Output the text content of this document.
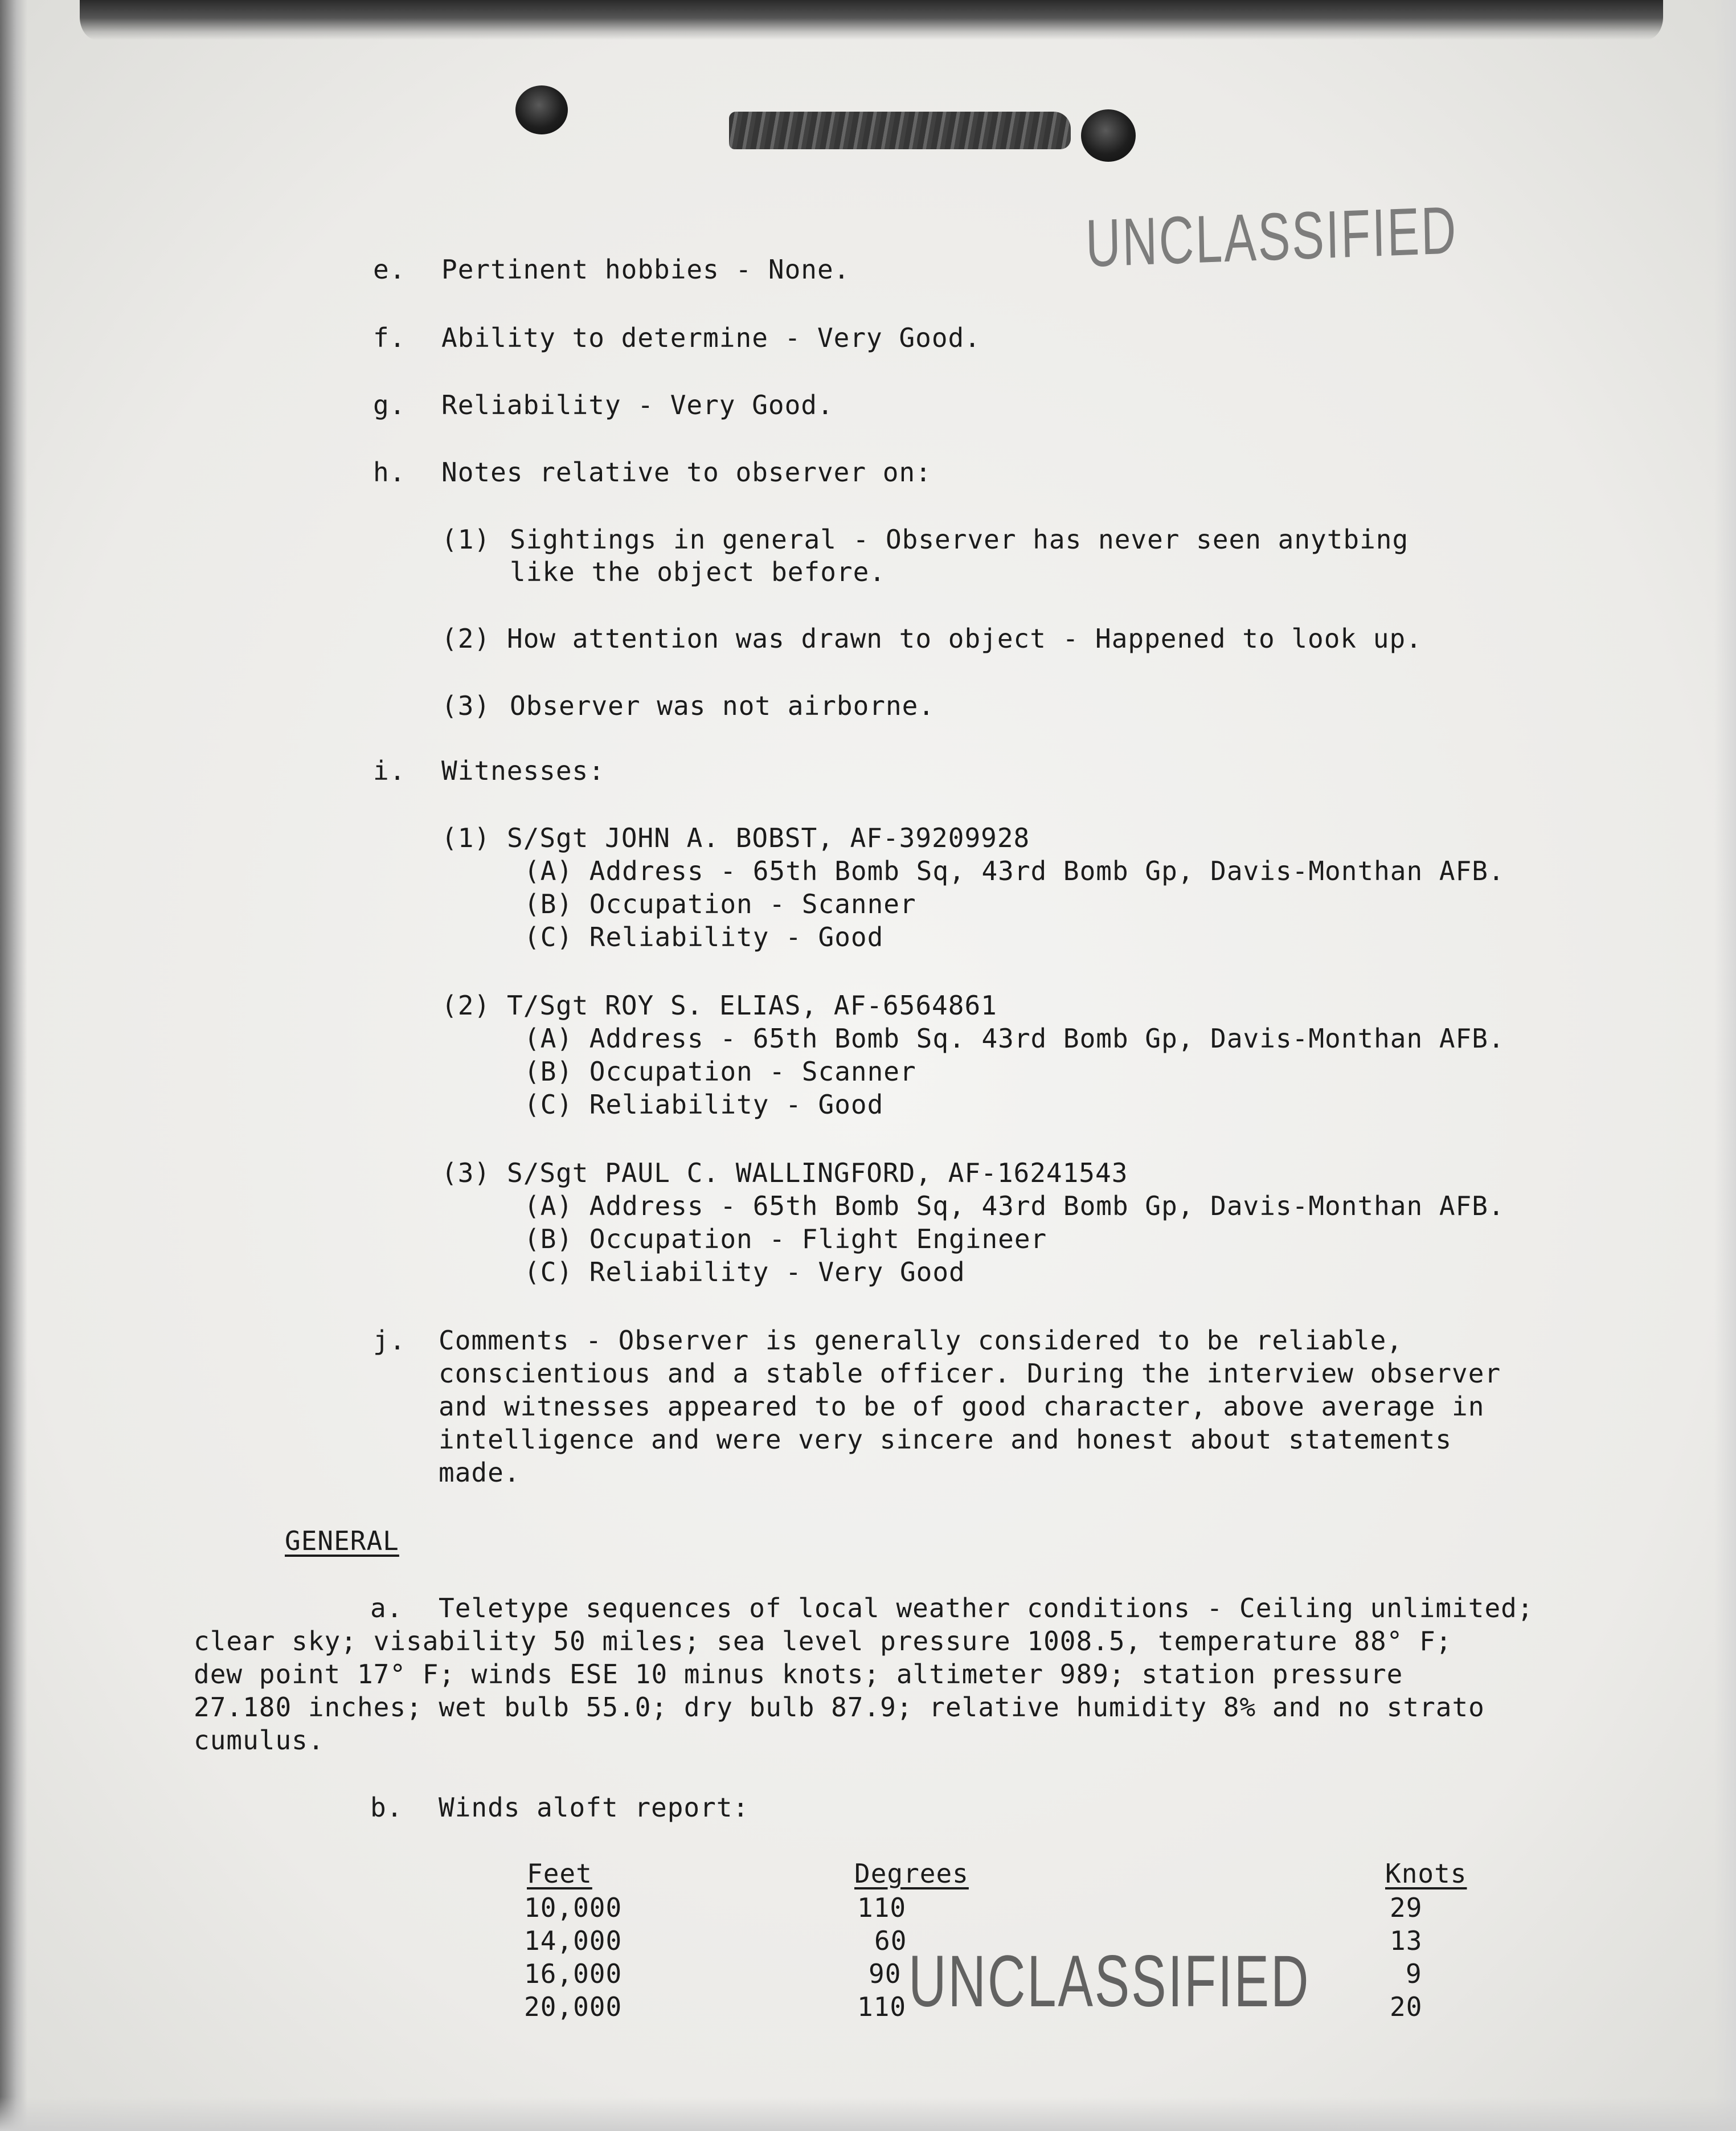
UNCLASSIFIED
e. Pertinent hobbies - None.
f. Ability to determine - Very Good.
g. Reliability - Very Good.
h. Notes relative to observer on:
(1) Sightings in general - Observer has never seen anytbing
like the object before.
(2) How attention was drawn to object - Happened to look up.
(3) Observer was not airborne.
i. Witnesses:
(1) S/Sgt JOHN A. BOBST, AF-39209928
(A) Address - 65th Bomb Sq, 43rd Bomb Gp, Davis-Monthan AFB.
(B) Occupation - Scanner
(C) Reliability - Good
(2) T/Sgt ROY S. ELIAS, AF-6564861
(A) Address - 65th Bomb Sq. 43rd Bomb Gp, Davis-Monthan AFB.
(B) Occupation - Scanner
(C) Reliability - Good
(3) S/Sgt PAUL C. WALLINGFORD, AF-16241543
(A) Address - 65th Bomb Sq, 43rd Bomb Gp, Davis-Monthan AFB.
(B) Occupation - Flight Engineer
(C) Reliability - Very Good
j. Comments - Observer is generally considered to be reliable,
conscientious and a stable officer. During the interview observer
and witnesses appeared to be of good character, above average in
intelligence and were very sincere and honest about statements
made.
GENERAL
a. Teletype sequences of local weather conditions - Ceiling unlimited;
clear sky; visability 50 miles; sea level pressure 1008.5, temperature 88° F;
dew point 17° F; winds ESE 10 minus knots; altimeter 989; station pressure
27.180 inches; wet bulb 55.0; dry bulb 87.9; relative humidity 8% and no strato
cumulus.
b. Winds aloft report:
Feet	Degrees	Knots
10,000	110	29
14,000	60	13
16,000	90	9
20,000	110	20
UNCLASSIFIED
